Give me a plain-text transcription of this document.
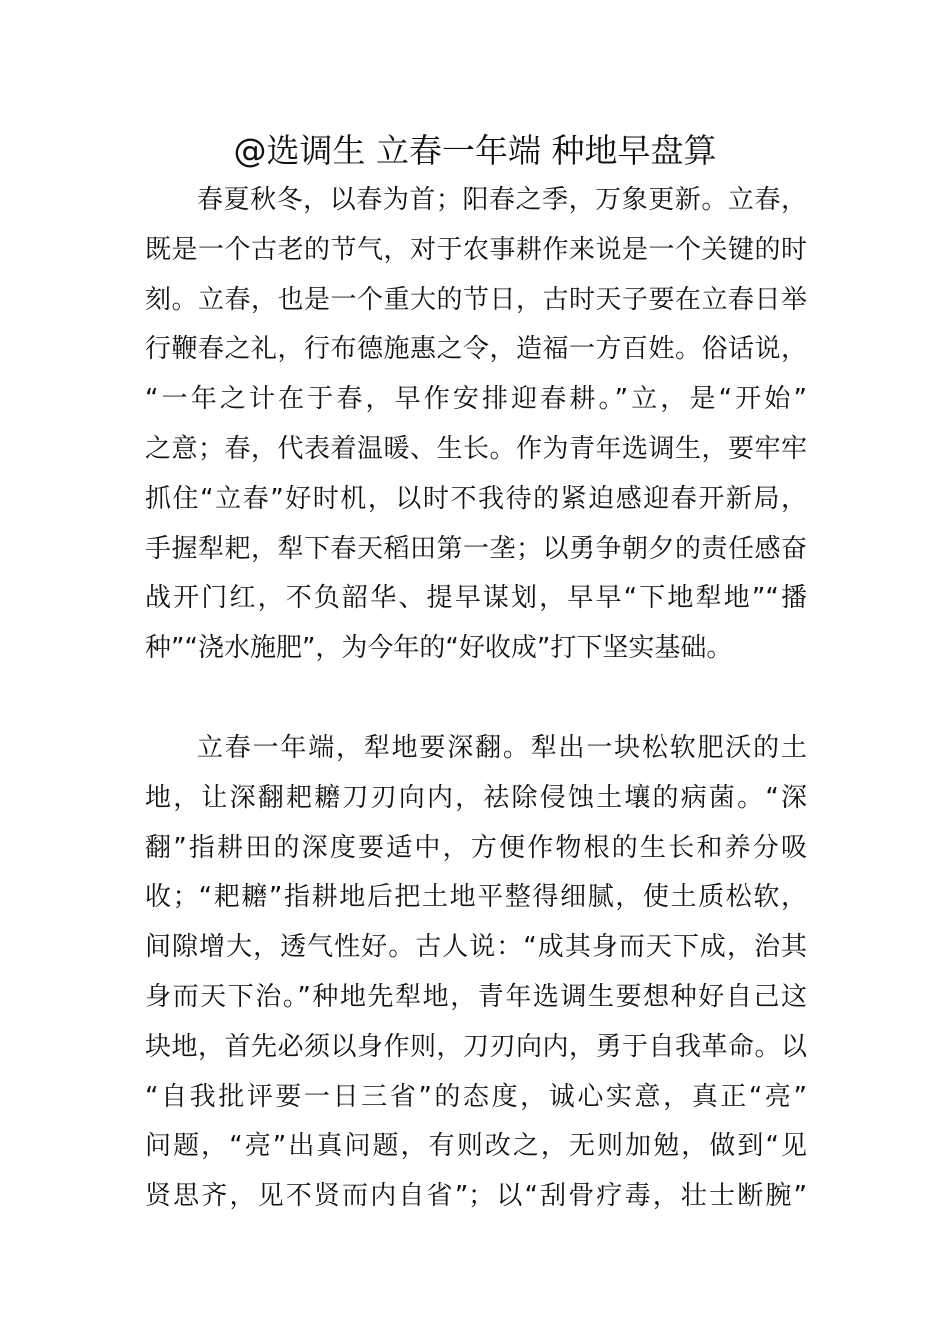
@选调生 立春一年端 种地早盘算
春夏秋冬，以春为首；阳春之季，万象更新。立春，
既是一个古老的节气，对于农事耕作来说是一个关键的时
刻。立春，也是一个重大的节日，古时天子要在立春日举
行鞭春之礼，行布德施惠之令，造福一方百姓。俗话说，
“一年之计在于春，早作安排迎春耕。”立，是“开始”
之意；春，代表着温暖、生长。作为青年选调生，要牢牢
抓住“立春”好时机，以时不我待的紧迫感迎春开新局，
手握犁耙，犁下春天稻田第一垄；以勇争朝夕的责任感奋
战开门红，不负韶华、提早谋划，早早“下地犁地”“播
种”“浇水施肥”，为今年的“好收成”打下坚实基础。
立春一年端，犁地要深翻。犁出一块松软肥沃的土
地，让深翻耙耱刀刃向内，祛除侵蚀土壤的病菌。“深
翻”指耕田的深度要适中，方便作物根的生长和养分吸
收；“耙耱”指耕地后把土地平整得细腻，使土质松软，
间隙增大，透气性好。古人说：“成其身而天下成，治其
身而天下治。”种地先犁地，青年选调生要想种好自己这
块地，首先必须以身作则，刀刃向内，勇于自我革命。以
“自我批评要一日三省”的态度，诚心实意，真正“亮”
问题，“亮”出真问题，有则改之，无则加勉，做到“见
贤思齐，见不贤而内自省”；以“刮骨疗毒，壮士断腕”
